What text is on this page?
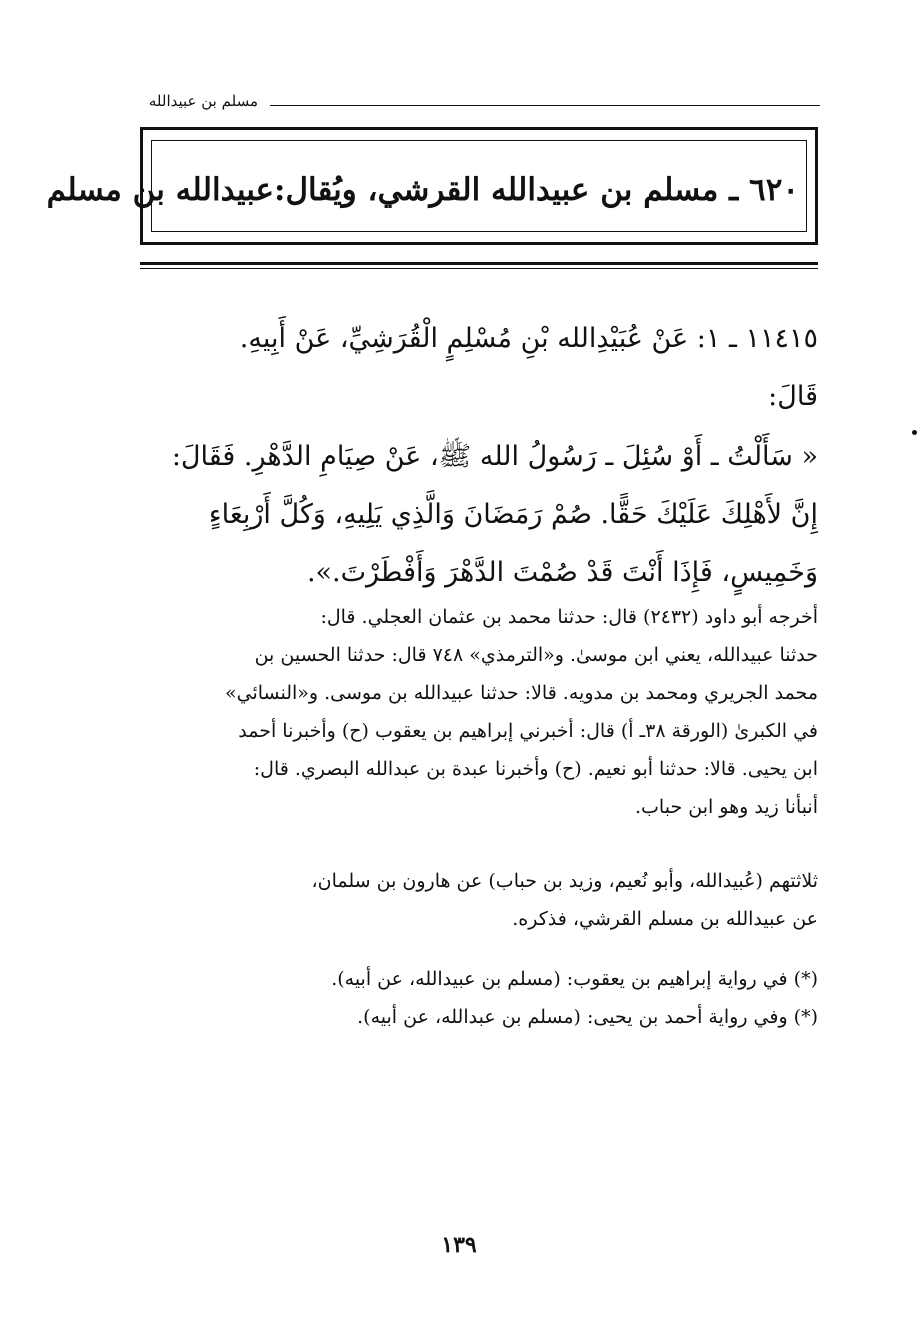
مسلم بن عبيدالله
٦٢٠ ـ مسلم بن عبيدالله القرشي، ويُقال:عبيدالله بن مسلم
١١٤١٥ ـ ١: عَنْ عُبَيْدِالله بْنِ مُسْلِمٍ الْقُرَشِيِّ، عَنْ أَبِيهِ.
قَالَ:
« سَأَلْتُ ـ أَوْ سُئِلَ ـ رَسُولُ الله ﷺ، عَنْ صِيَامِ الدَّهْرِ. فَقَالَ:
إِنَّ لأَهْلِكَ عَلَيْكَ حَقًّا. صُمْ رَمَضَانَ وَالَّذِي يَلِيهِ، وَكُلَّ أَرْبِعَاءٍ
وَخَمِيسٍ، فَإِذَا أَنْتَ قَدْ صُمْتَ الدَّهْرَ وَأَفْطَرْتَ.».
أخرجه أبو داود (٢٤٣٢) قال: حدثنا محمد بن عثمان العجلي. قال:
حدثنا عبيدالله، يعني ابن موسىٰ. و«الترمذي» ٧٤٨ قال: حدثنا الحسين بن
محمد الجريري ومحمد بن مدويه. قالا: حدثنا عبيدالله بن موسى. و«النسائي»
في الكبرىٰ (الورقة ٣٨ـ أ) قال: أخبرني إبراهيم بن يعقوب (ح) وأخبرنا أحمد
ابن يحيى. قالا: حدثنا أبو نعيم. (ح) وأخبرنا عبدة بن عبدالله البصري. قال:
أنبأنا زيد وهو ابن حباب.
ثلاثتهم (عُبيدالله، وأبو نُعيم، وزيد بن حباب) عن هارون بن سلمان،
عن عبيدالله بن مسلم القرشي، فذكره.
(*) في رواية إبراهيم بن يعقوب: (مسلم بن عبيدالله، عن أبيه).
(*) وفي رواية أحمد بن يحيى: (مسلم بن عبدالله، عن أبيه).
١٣٩
